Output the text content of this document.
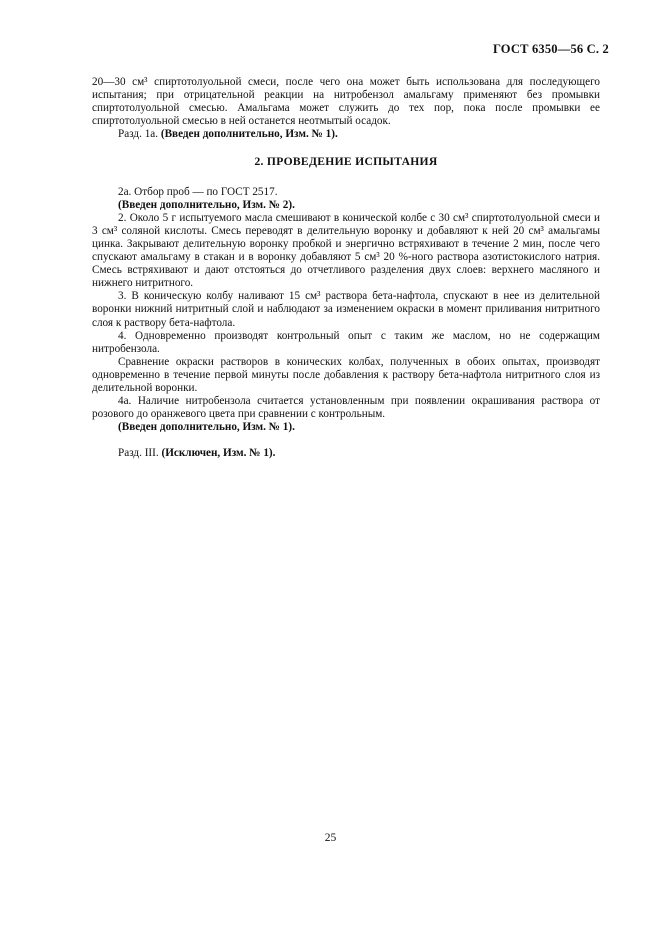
ГОСТ 6350—56 С. 2

20—30 см³ спиртотолуольной смеси, после чего она может быть использована для последующего испытания; при отрицательной реакции на нитробензол амальгаму применяют без промывки спиртотолуольной смесью. Амальгама может служить до тех пор, пока после промывки ее спиртотолуольной смесью в ней останется неотмытый осадок.

Разд. 1а. (Введен дополнительно, Изм. № 1).

2. ПРОВЕДЕНИЕ ИСПЫТАНИЯ

2а. Отбор проб — по ГОСТ 2517.

(Введен дополнительно, Изм. № 2).

2. Около 5 г испытуемого масла смешивают в конической колбе с 30 см³ спиртотолуольной смеси и 3 см³ соляной кислоты. Смесь переводят в делительную воронку и добавляют к ней 20 см³ амальгамы цинка. Закрывают делительную воронку пробкой и энергично встряхивают в течение 2 мин, после чего спускают амальгаму в стакан и в воронку добавляют 5 см³ 20 %-ного раствора азотистокислого натрия. Смесь встряхивают и дают отстояться до отчетливого разделения двух слоев: верхнего масляного и нижнего нитритного.

3. В коническую колбу наливают 15 см³ раствора бета-нафтола, спускают в нее из делительной воронки нижний нитритный слой и наблюдают за изменением окраски в момент приливания нитритного слоя к раствору бета-нафтола.

4. Одновременно производят контрольный опыт с таким же маслом, но не содержащим нитробензола.

Сравнение окраски растворов в конических колбах, полученных в обоих опытах, производят одновременно в течение первой минуты после добавления к раствору бета-нафтола нитритного слоя из делительной воронки.

4а. Наличие нитробензола считается установленным при появлении окрашивания раствора от розового до оранжевого цвета при сравнении с контрольным.

(Введен дополнительно, Изм. № 1).

Разд. III. (Исключен, Изм. № 1).

25
